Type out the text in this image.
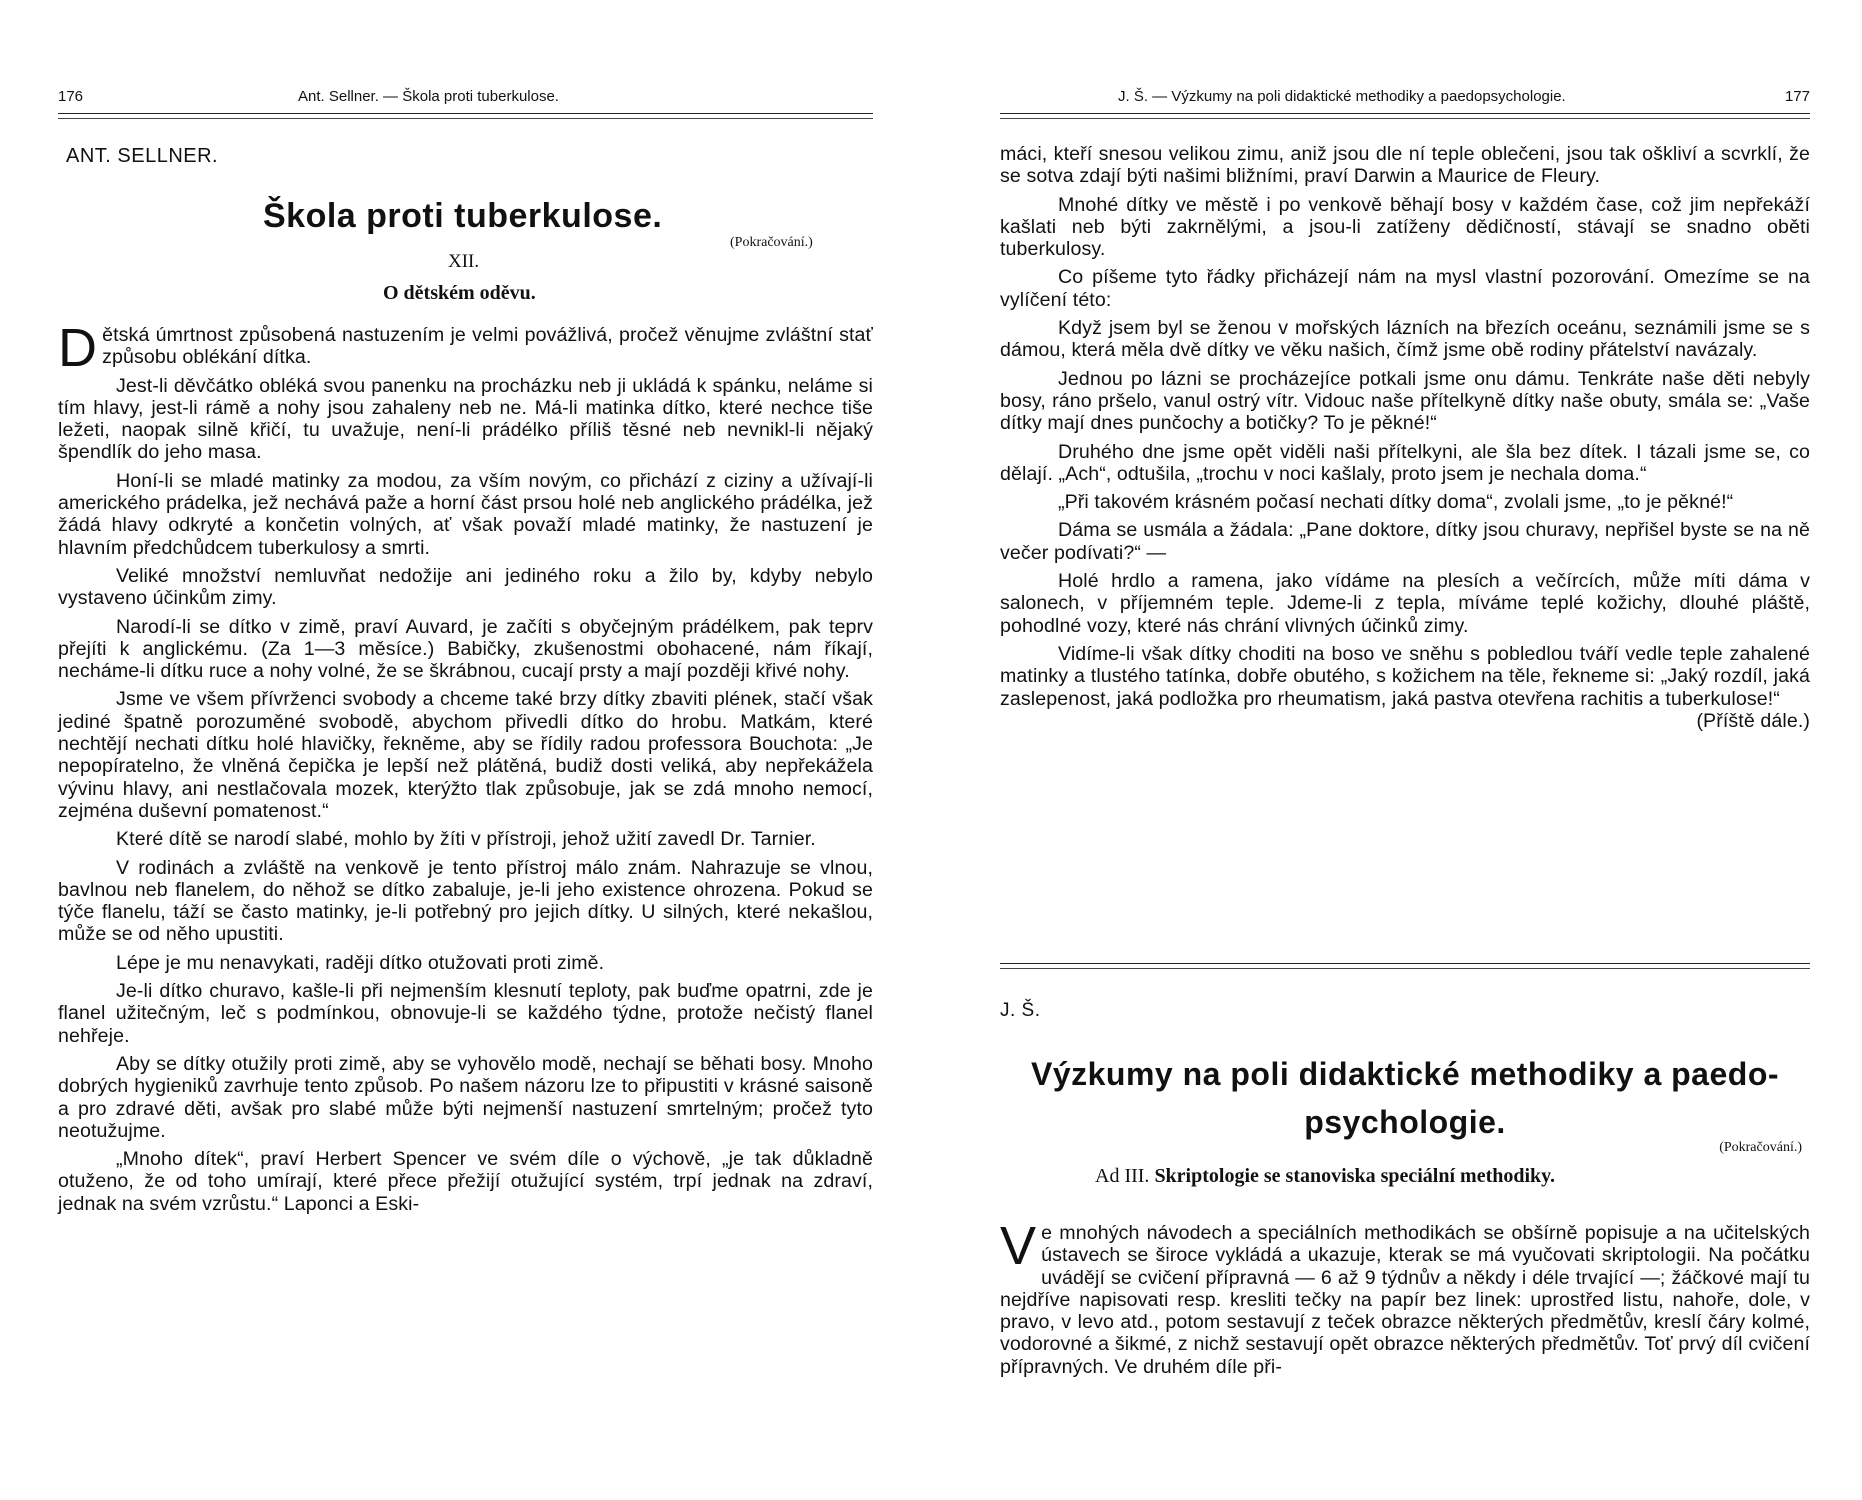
176	Ant. Sellner. — Škola proti tuberkulose.
ANT. SELLNER.
Škola proti tuberkulose.
(Pokračování.)
XII.
O dětském oděvu.

Dětská úmrtnost způsobená nastuzením je velmi povážlivá, pročež věnujme zvláštní stať způsobu oblékání dítka.

Jest-li děvčátko obléká svou panenku na procházku neb ji ukládá k spánku, neláme si tím hlavy, jest-li rámě a nohy jsou zahaleny neb ne. Má-li matinka dítko, které nechce tiše ležeti, naopak silně křičí, tu uvažuje, není-li prádélko příliš těsné neb nevnikl-li nějaký špendlík do jeho masa.

Honí-li se mladé matinky za modou, za vším novým, co přichází z ciziny a užívají-li amerického prádelka, jež nechává paže a horní část prsou holé neb anglického prádélka, jež žádá hlavy odkryté a končetin volných, ať však považí mladé matinky, že nastuzení je hlavním předchůdcem tuberkulosy a smrti.

Veliké množství nemluvňat nedožije ani jediného roku a žilo by, kdyby nebylo vystaveno účinkům zimy.

Narodí-li se dítko v zimě, praví Auvard, je začíti s obyčejným prádélkem, pak teprv přejíti k anglickému. (Za 1—3 měsíce.) Babičky, zkušenostmi obohacené, nám říkají, necháme-li dítku ruce a nohy volné, že se škrábnou, cucají prsty a mají později křivé nohy.

Jsme ve všem přívrženci svobody a chceme také brzy dítky zbaviti plének, stačí však jediné špatně porozuměné svobodě, abychom přivedli dítko do hrobu. Matkám, které nechtějí nechati dítku holé hlavičky, řekněme, aby se řídily radou professora Bouchota: „Je nepopíratelno, že vlněná čepička je lepší než plátěná, budiž dosti veliká, aby nepřekážela vývinu hlavy, ani nestlačovala mozek, kterýžto tlak způsobuje, jak se zdá mnoho nemocí, zejména duševní pomatenost.“

Které dítě se narodí slabé, mohlo by žíti v přístroji, jehož užití zavedl Dr. Tarnier.

V rodinách a zvláště na venkově je tento přístroj málo znám. Nahrazuje se vlnou, bavlnou neb flanelem, do něhož se dítko zabaluje, je-li jeho existence ohrozena. Pokud se týče flanelu, táží se často matinky, je-li potřebný pro jejich dítky. U silných, které nekašlou, může se od něho upustiti.

Lépe je mu nenavykati, raději dítko otužovati proti zimě.

Je-li dítko churavo, kašle-li při nejmenším klesnutí teploty, pak buďme opatrni, zde je flanel užitečným, leč s podmínkou, obnovuje-li se každého týdne, protože nečistý flanel nehřeje.

Aby se dítky otužily proti zimě, aby se vyhovělo modě, nechají se běhati bosy. Mnoho dobrých hygieniků zavrhuje tento způsob. Po našem názoru lze to připustiti v krásné saisoně a pro zdravé děti, avšak pro slabé může býti nejmenší nastuzení smrtelným; pročež tyto neotužujme.

„Mnoho dítek“, praví Herbert Spencer ve svém díle o výchově, „je tak důkladně otuženo, že od toho umírají, které přece přežijí otužující systém, trpí jednak na zdraví, jednak na svém vzrůstu.“ Laponci a Eski-

J. Š. — Výzkumy na poli didaktické methodiky a paedopsychologie.	177

máci, kteří snesou velikou zimu, aniž jsou dle ní teple oblečeni, jsou tak oškliví a scvrklí, že se sotva zdají býti našimi bližními, praví Darwin a Maurice de Fleury.

Mnohé dítky ve městě i po venkově běhají bosy v každém čase, což jim nepřekáží kašlati neb býti zakrnělými, a jsou-li zatíženy dědičností, stávají se snadno oběti tuberkulosy.

Co píšeme tyto řádky přicházejí nám na mysl vlastní pozorování. Omezíme se na vylíčení této:

Když jsem byl se ženou v mořských lázních na březích oceánu, seznámili jsme se s dámou, která měla dvě dítky ve věku našich, čímž jsme obě rodiny přátelství navázaly.

Jednou po lázni se procházejíce potkali jsme onu dámu. Tenkráte naše děti nebyly bosy, ráno pršelo, vanul ostrý vítr. Vidouc naše přítelkyně dítky naše obuty, smála se: „Vaše dítky mají dnes punčochy a botičky? To je pěkné!“

Druhého dne jsme opět viděli naši přítelkyni, ale šla bez dítek. I tázali jsme se, co dělají. „Ach“, odtušila, „trochu v noci kašlaly, proto jsem je nechala doma.“

„Při takovém krásném počasí nechati dítky doma“, zvolali jsme, „to je pěkné!“

Dáma se usmála a žádala: „Pane doktore, dítky jsou churavy, nepřišel byste se na ně večer podívati?“ —

Holé hrdlo a ramena, jako vídáme na plesích a večírcích, může míti dáma v salonech, v příjemném teple. Jdeme-li z tepla, míváme teplé kožichy, dlouhé pláště, pohodlné vozy, které nás chrání vlivných účinků zimy.

Vidíme-li však dítky choditi na boso ve sněhu s pobledlou tváří vedle teple zahalené matinky a tlustého tatínka, dobře obutého, s kožichem na těle, řekneme si: „Jaký rozdíl, jaká zaslepenost, jaká podložka pro rheumatism, jaká pastva otevřena rachitis a tuberkulose!“
(Příště dále.)

J. Š.
Výzkumy na poli didaktické methodiky a paedo-psychologie.
(Pokračování.)
Ad III. Skriptologie se stanoviska speciální methodiky.

Ve mnohých návodech a speciálních methodikách se obšírně popisuje a na učitelských ústavech se široce vykládá a ukazuje, kterak se má vyučovati skriptologii. Na počátku uvádějí se cvičení přípravná — 6 až 9 týdnův a někdy i déle trvající —; žáčkové mají tu nejdříve napisovati resp. kresliti tečky na papír bez linek: uprostřed listu, nahoře, dole, v pravo, v levo atd., potom sestavují z teček obrazce některých předmětův, kreslí čáry kolmé, vodorovné a šikmé, z nichž sestavují opět obrazce některých předmětův. Toť prvý díl cvičení přípravných. Ve druhém díle při-
